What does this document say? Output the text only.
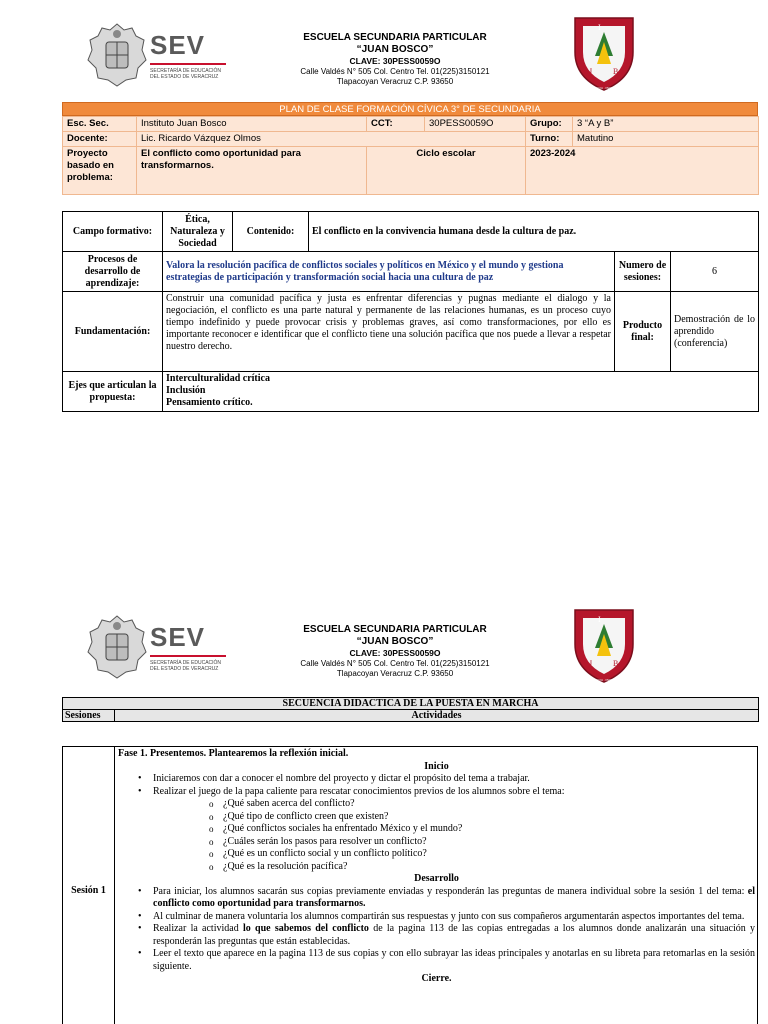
SEV
SECRETARÍA DE EDUCACIÓN
DEL ESTADO DE VERACRUZ
ESCUELA SECUNDARIA PARTICULAR
“JUAN BOSCO”
CLAVE: 30PESS0059O
Calle Valdés N° 505 Col. Centro Tel. 01(225)3150121
Tlapacoyan Veracruz C.P. 93650
I
J	B
PIEDAD · CIENCIA · PERSEVERANCIA
PLAN DE CLASE FORMACIÓN CÍVICA 3° DE SECUNDARIA
Esc. Sec.	Instituto Juan Bosco	CCT:	30PESS0059O	Grupo:	3 “A y B”
Docente:	Lic. Ricardo Vázquez Olmos			Turno:	Matutino
Proyecto basado en problema:	El conflicto como oportunidad para transformarnos.	Ciclo escolar		2023-2024	
Campo formativo:	Ética, Naturaleza y Sociedad	Contenido:	El conflicto en la convivencia humana desde la cultura de paz.		
Procesos de desarrollo de aprendizaje:	Valora la resolución pacífica de conflictos sociales y políticos en México y el mundo y gestiona estrategias de participación y transformación social hacia una cultura de paz			Numero de sesiones:	6
Fundamentación:	Construir una comunidad pacífica y justa es enfrentar diferencias y pugnas mediante el dialogo y la negociación, el conflicto es una parte natural y permanente de las relaciones humanas, es un proceso cuyo tiempo indefinido y puede provocar crisis y problemas graves, así como transformaciones, por ello es importante reconocer e identificar que el conflicto tiene una solución pacífica que nos puede a llevar a respetar nuestro derecho.			Producto final:	Demostración de lo aprendido (conferencia)
Ejes que articulan la propuesta:	Interculturalidad crítica
Inclusión
Pensamiento crítico.				
SEV
SECRETARÍA DE EDUCACIÓN
DEL ESTADO DE VERACRUZ
ESCUELA SECUNDARIA PARTICULAR
“JUAN BOSCO”
CLAVE: 30PESS0059O
Calle Valdés N° 505 Col. Centro Tel. 01(225)3150121
Tlapacoyan Veracruz C.P. 93650
I
J	B
PIEDAD · CIENCIA · PERSEVERANCIA
SECUENCIA DIDACTICA DE LA PUESTA EN MARCHA
Sesiones	Actividades
Sesión 1
Fase 1. Presentemos. Plantearemos la reflexión inicial.
Inicio
• Iniciaremos con dar a conocer el nombre del proyecto y dictar el propósito del tema a trabajar.
• Realizar el juego de la papa caliente para rescatar conocimientos previos de los alumnos sobre el tema:
o ¿Qué saben acerca del conflicto?
o ¿Qué tipo de conflicto creen que existen?
o ¿Qué conflictos sociales ha enfrentado México y el mundo?
o ¿Cuáles serán los pasos para resolver un conflicto?
o ¿Qué es un conflicto social y un conflicto político?
o ¿Qué es la resolución pacífica?
Desarrollo
• Para iniciar, los alumnos sacarán sus copias previamente enviadas y responderán las preguntas de manera individual sobre la sesión 1 del tema: el conflicto como oportunidad para transformarnos.
• Al culminar de manera voluntaria los alumnos compartirán sus respuestas y junto con sus compañeros argumentarán aspectos importantes del tema.
• Realizar la actividad lo que sabemos del conflicto de la pagina 113 de las copias entregadas a los alumnos donde analizarán una situación y responderán las preguntas que están establecidas.
• Leer el texto que aparece en la pagina 113 de sus copias y con ello subrayar las ideas principales y anotarlas en su libreta para retomarlas en la sesión siguiente.
Cierre.
